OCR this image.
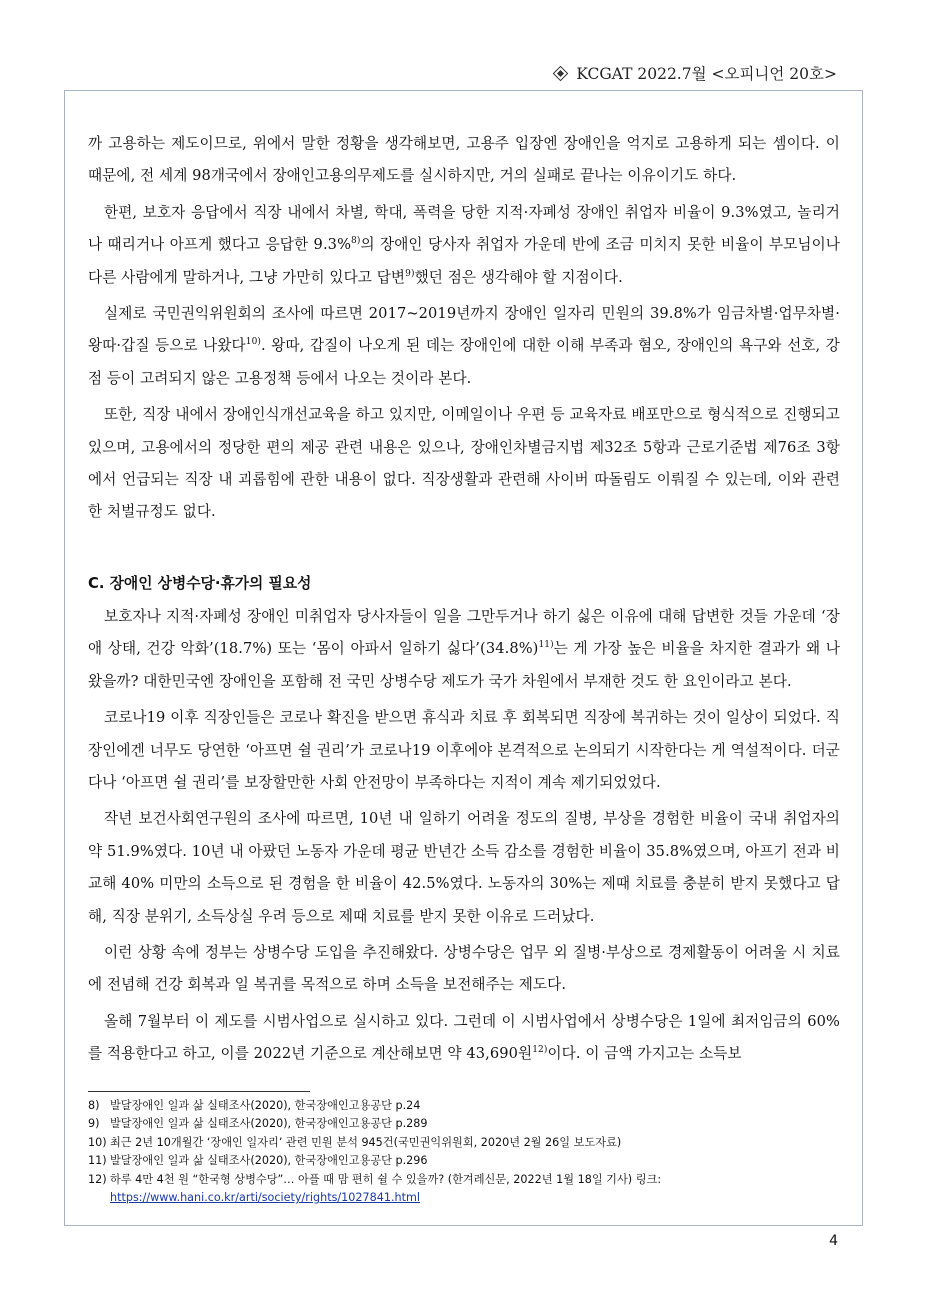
KCGAT 2022.7월 <오피니언 20호>

까 고용하는 제도이므로, 위에서 말한 정황을 생각해보면, 고용주 입장엔 장애인을 억지로 고용하게 되는 셈이다. 이 때문에, 전 세계 98개국에서 장애인고용의무제도를 실시하지만, 거의 실패로 끝나는 이유이기도 하다.

한편, 보호자 응답에서 직장 내에서 차별, 학대, 폭력을 당한 지적·자폐성 장애인 취업자 비율이 9.3%였고, 놀리거나 때리거나 아프게 했다고 응답한 9.3%$^{8)}$의 장애인 당사자 취업자 가운데 반에 조금 미치지 못한 비율이 부모님이나 다른 사람에게 말하거나, 그냥 가만히 있다고 답변$^{9)}$했던 점은 생각해야 할 지점이다.

실제로 국민권익위원회의 조사에 따르면 2017~2019년까지 장애인 일자리 민원의 39.8%가 임금차별·업무차별·왕따·갑질 등으로 나왔다$^{10)}$. 왕따, 갑질이 나오게 된 데는 장애인에 대한 이해 부족과 혐오, 장애인의 욕구와 선호, 강점 등이 고려되지 않은 고용정책 등에서 나오는 것이라 본다.

또한, 직장 내에서 장애인식개선교육을 하고 있지만, 이메일이나 우편 등 교육자료 배포만으로 형식적으로 진행되고 있으며, 고용에서의 정당한 편의 제공 관련 내용은 있으나, 장애인차별금지법 제32조 5항과 근로기준법 제76조 3항에서 언급되는 직장 내 괴롭힘에 관한 내용이 없다. 직장생활과 관련해 사이버 따돌림도 이뤄질 수 있는데, 이와 관련한 처벌규정도 없다.

C. 장애인 상병수당·휴가의 필요성

보호자나 지적·자폐성 장애인 미취업자 당사자들이 일을 그만두거나 하기 싫은 이유에 대해 답변한 것들 가운데 ‘장애 상태, 건강 악화’(18.7%) 또는 ‘몸이 아파서 일하기 싫다$’(34.8\%)^{11)}$는 게 가장 높은 비율을 차지한 결과가 왜 나왔을까? 대한민국엔 장애인을 포함해 전 국민 상병수당 제도가 국가 차원에서 부재한 것도 한 요인이라고 본다.

코로나19 이후 직장인들은 코로나 확진을 받으면 휴식과 치료 후 회복되면 직장에 복귀하는 것이 일상이 되었다. 직장인에겐 너무도 당연한 ‘아프면 쉴 권리’가 코로나19 이후에야 본격적으로 논의되기 시작한다는 게 역설적이다. 더군다나 ‘아프면 쉴 권리’를 보장할만한 사회 안전망이 부족하다는 지적이 계속 제기되었었다.

작년 보건사회연구원의 조사에 따르면, 10년 내 일하기 어려울 정도의 질병, 부상을 경험한 비율이 국내 취업자의 약 51.9%였다. 10년 내 아팠던 노동자 가운데 평균 반년간 소득 감소를 경험한 비율이 35.8%였으며, 아프기 전과 비교해 40% 미만의 소득으로 된 경험을 한 비율이 42.5%였다. 노동자의 30%는 제때 치료를 충분히 받지 못했다고 답해, 직장 분위기, 소득상실 우려 등으로 제때 치료를 받지 못한 이유로 드러났다.

이런 상황 속에 정부는 상병수당 도입을 추진해왔다. 상병수당은 업무 외 질병·부상으로 경제활동이 어려울 시 치료에 전념해 건강 회복과 일 복귀를 목적으로 하며 소득을 보전해주는 제도다.

올해 7월부터 이 제도를 시범사업으로 실시하고 있다. 그런데 이 시범사업에서 상병수당은 1일에 최저임금의 60%를 적용한다고 하고, 이를 2022년 기준으로 계산해보면 약 43,690원$^{12)}$이다. 이 금액 가지고는 소득보

8) 발달장애인 일과 삶 실태조사(2020), 한국장애인고용공단 p.24

9) 발달장애인 일과 삶 실태조사(2020), 한국장애인고용공단 p.289

10) 최근 2년 10개월간 ‘장애인 일자리’ 관련 민원 분석 945건(국민권익위원회, 2020년 2월 26일 보도자료)

11) 발달장애인 일과 삶 실태조사(2020), 한국장애인고용공단 p.296

12) 하루 4만 4천 원 “한국형 상병수당”… 아플 때 맘 편히 쉴 수 있을까? (한겨레신문, 2022년 1월 18일 기사) 링크:

https://www.hani.co.kr/arti/society/rights/1027841.html
4
